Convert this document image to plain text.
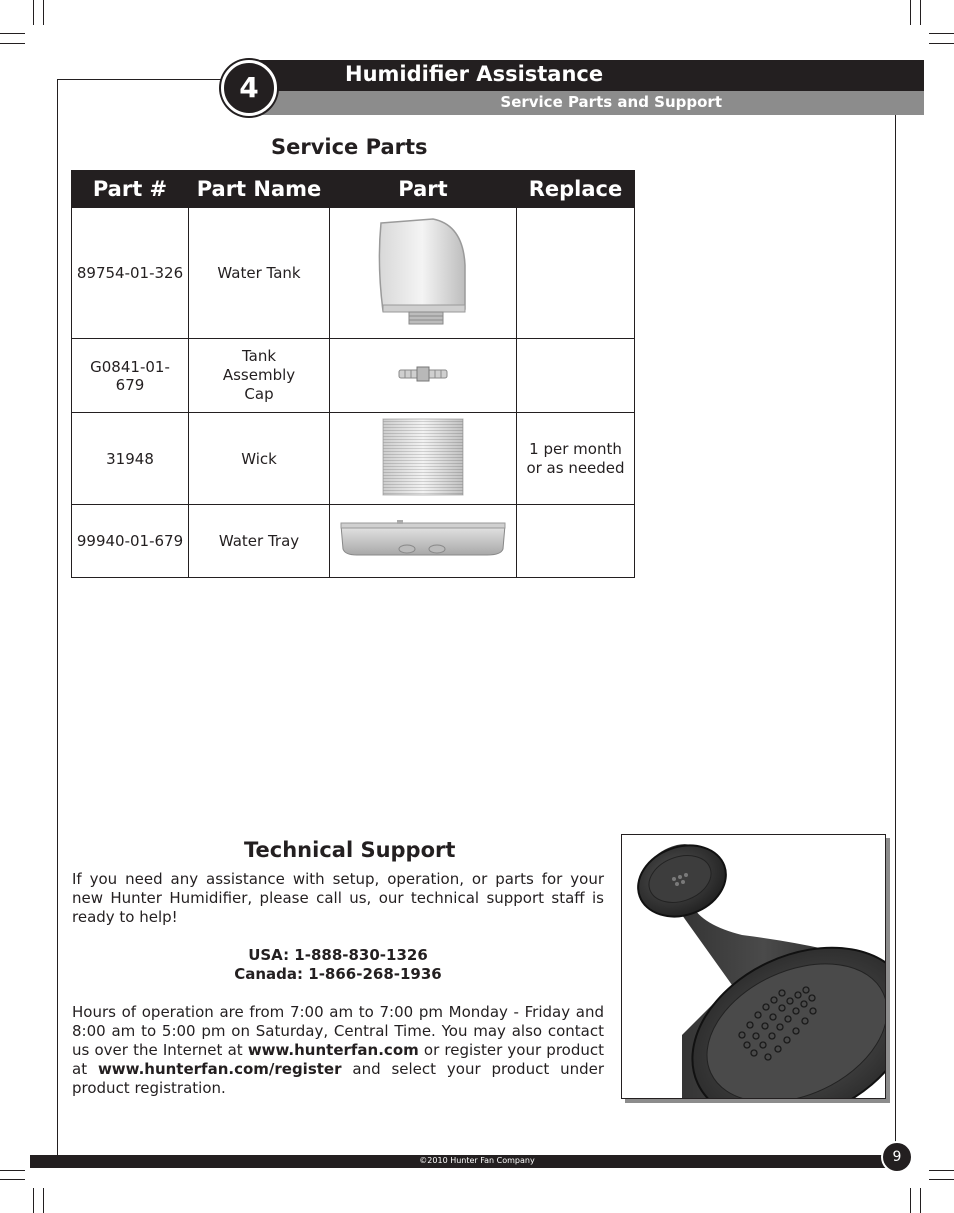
Humidifier Assistance
Service Parts and Support
4
Service Parts
Part #	Part Name	Part	Replace
89754-01-326	Water Tank		
G0841-01-679	Tank Assembly Cap		
31948	Wick		1 per month or as needed
99940-01-679	Water Tray		
Technical Support

If you need any assistance with setup, operation, or parts for your new Hunter Humidifier, please call us, our technical support staff is ready to help!

USA: 1-888-830-1326

Canada: 1-866-268-1936

Hours of operation are from 7:00 am to 7:00 pm Monday - Friday and 8:00 am to 5:00 pm on Saturday, Central Time. You may also contact us over the Internet at www.hunterfan.com or register your product at www.hunterfan.com/register and select your product under product registration.

©2010 Hunter Fan Company	9
